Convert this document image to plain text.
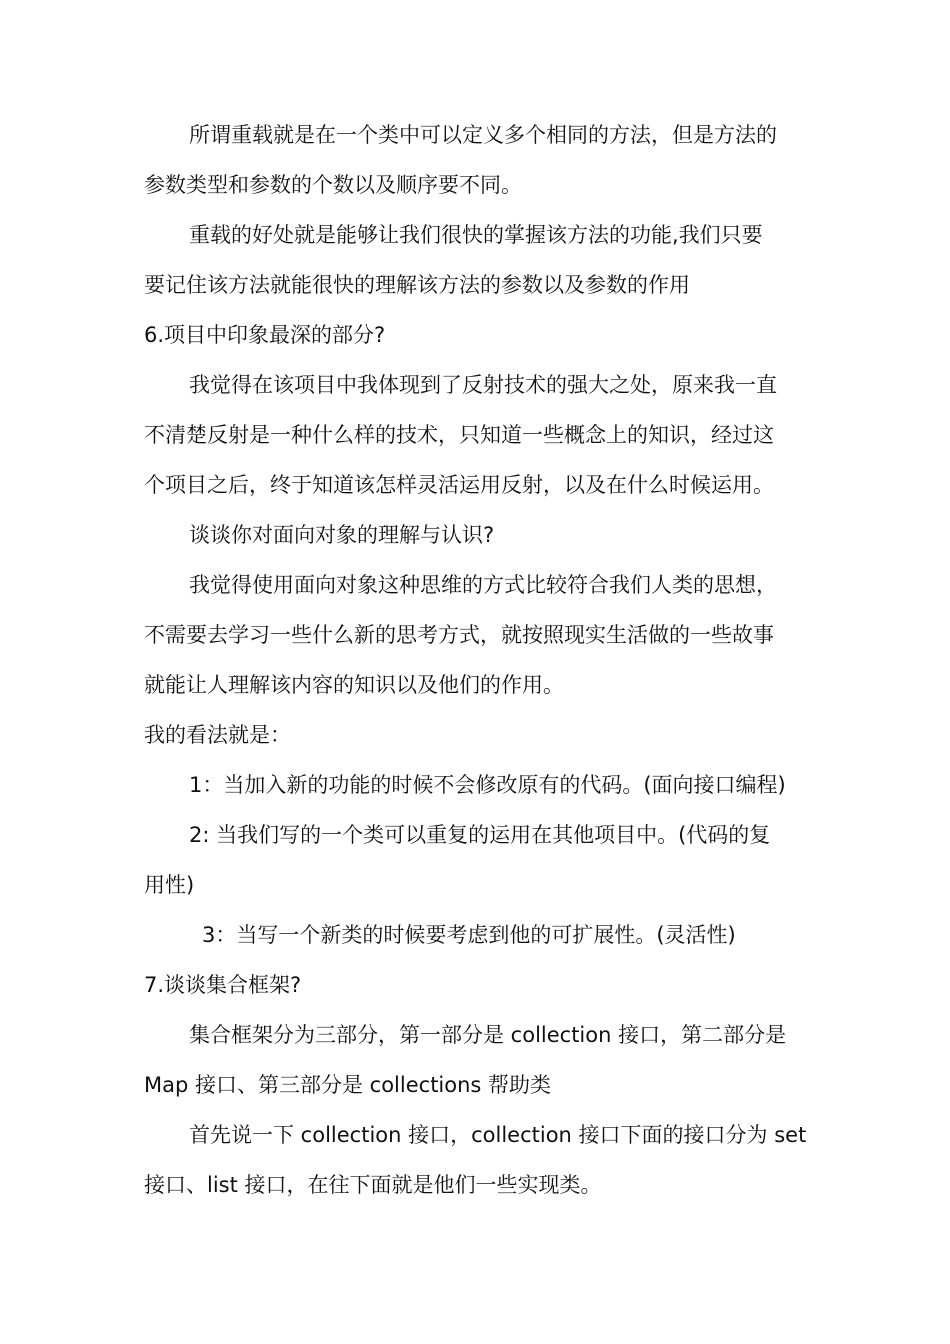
所谓重载就是在一个类中可以定义多个相同的方法，但是方法的
参数类型和参数的个数以及顺序要不同。
重载的好处就是能够让我们很快的掌握该方法的功能,我们只要
要记住该方法就能很快的理解该方法的参数以及参数的作用
6.项目中印象最深的部分?
我觉得在该项目中我体现到了反射技术的强大之处，原来我一直
不清楚反射是一种什么样的技术，只知道一些概念上的知识，经过这
个项目之后，终于知道该怎样灵活运用反射，以及在什么时候运用。
谈谈你对面向对象的理解与认识?
我觉得使用面向对象这种思维的方式比较符合我们人类的思想，
不需要去学习一些什么新的思考方式，就按照现实生活做的一些故事
就能让人理解该内容的知识以及他们的作用。
我的看法就是：
1：当加入新的功能的时候不会修改原有的代码。(面向接口编程)
2: 当我们写的一个类可以重复的运用在其他项目中。(代码的复
用性)
3：当写一个新类的时候要考虑到他的可扩展性。(灵活性)
7.谈谈集合框架?
集合框架分为三部分，第一部分是 collection 接口，第二部分是
Map 接口、第三部分是 collections 帮助类
首先说一下 collection 接口，collection 接口下面的接口分为 set
接口、list 接口，在往下面就是他们一些实现类。
